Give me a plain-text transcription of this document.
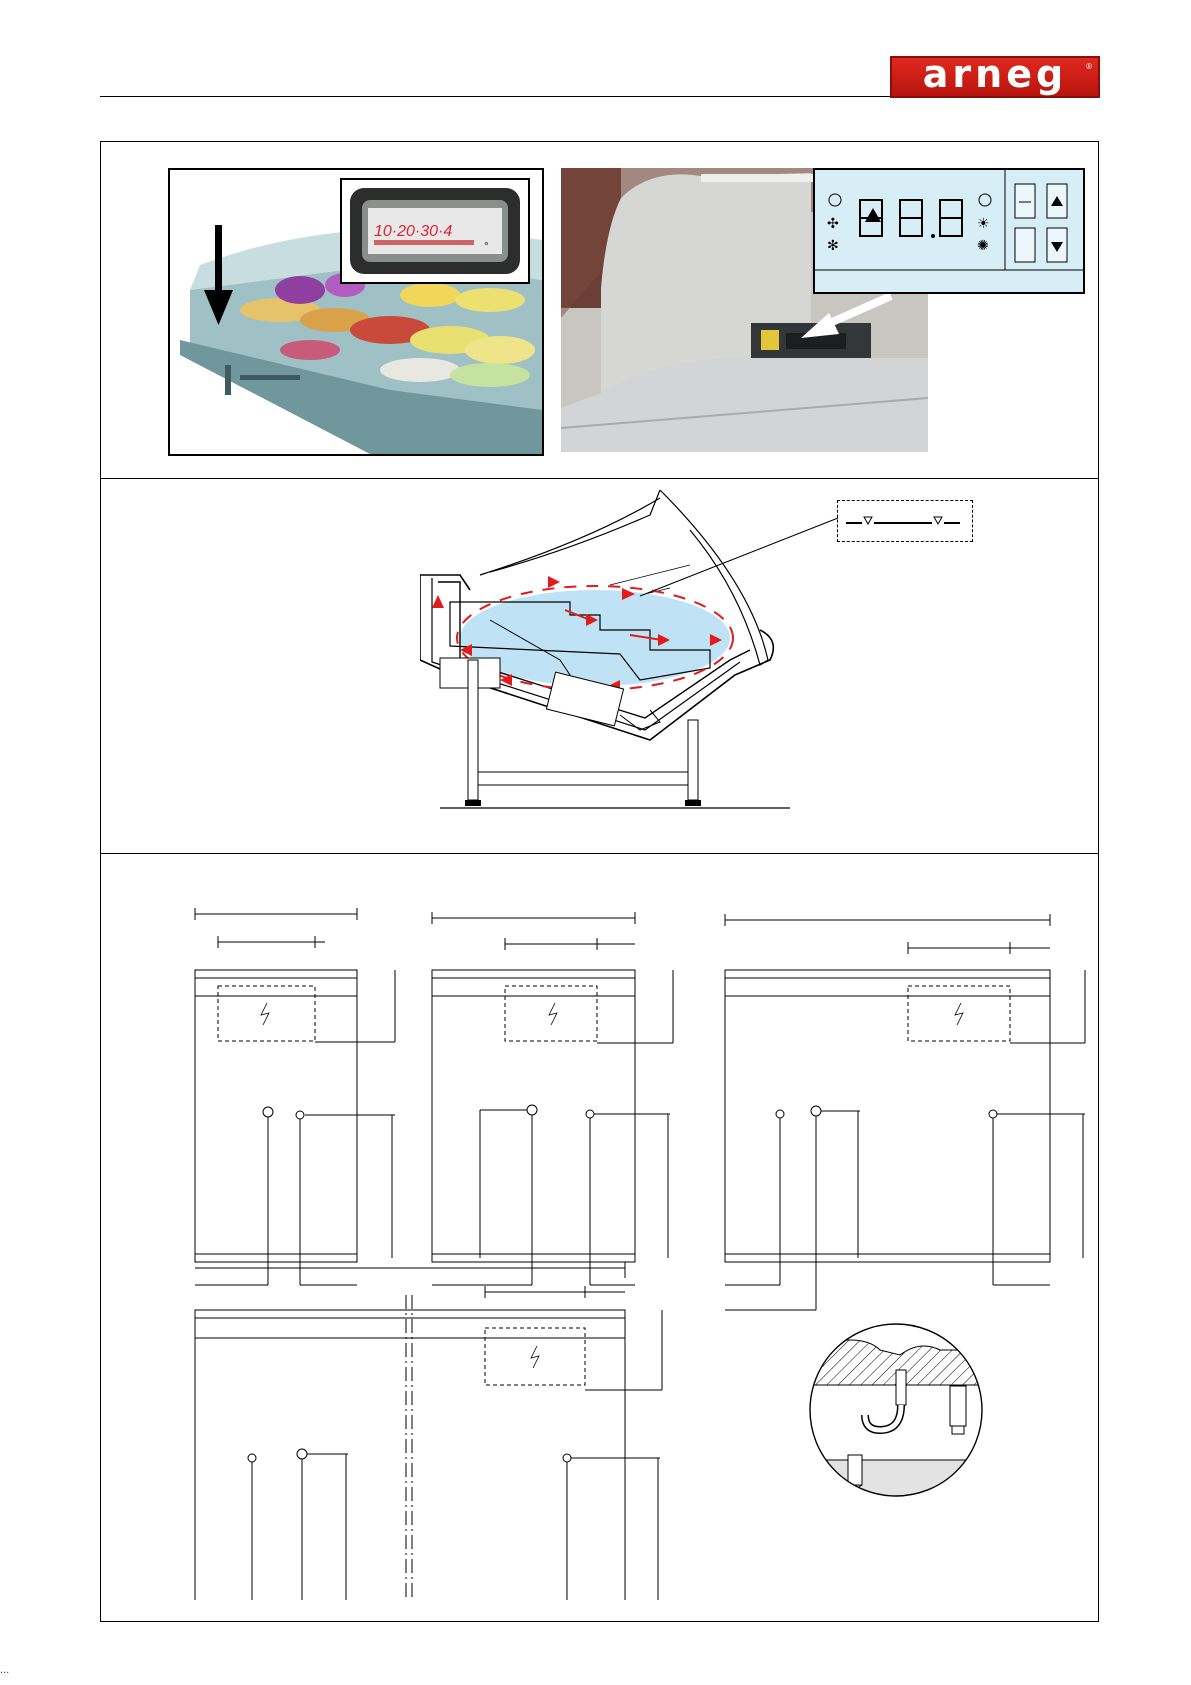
arneg ®
10·20·30·4
°
✣
✻
☀
✺
...
